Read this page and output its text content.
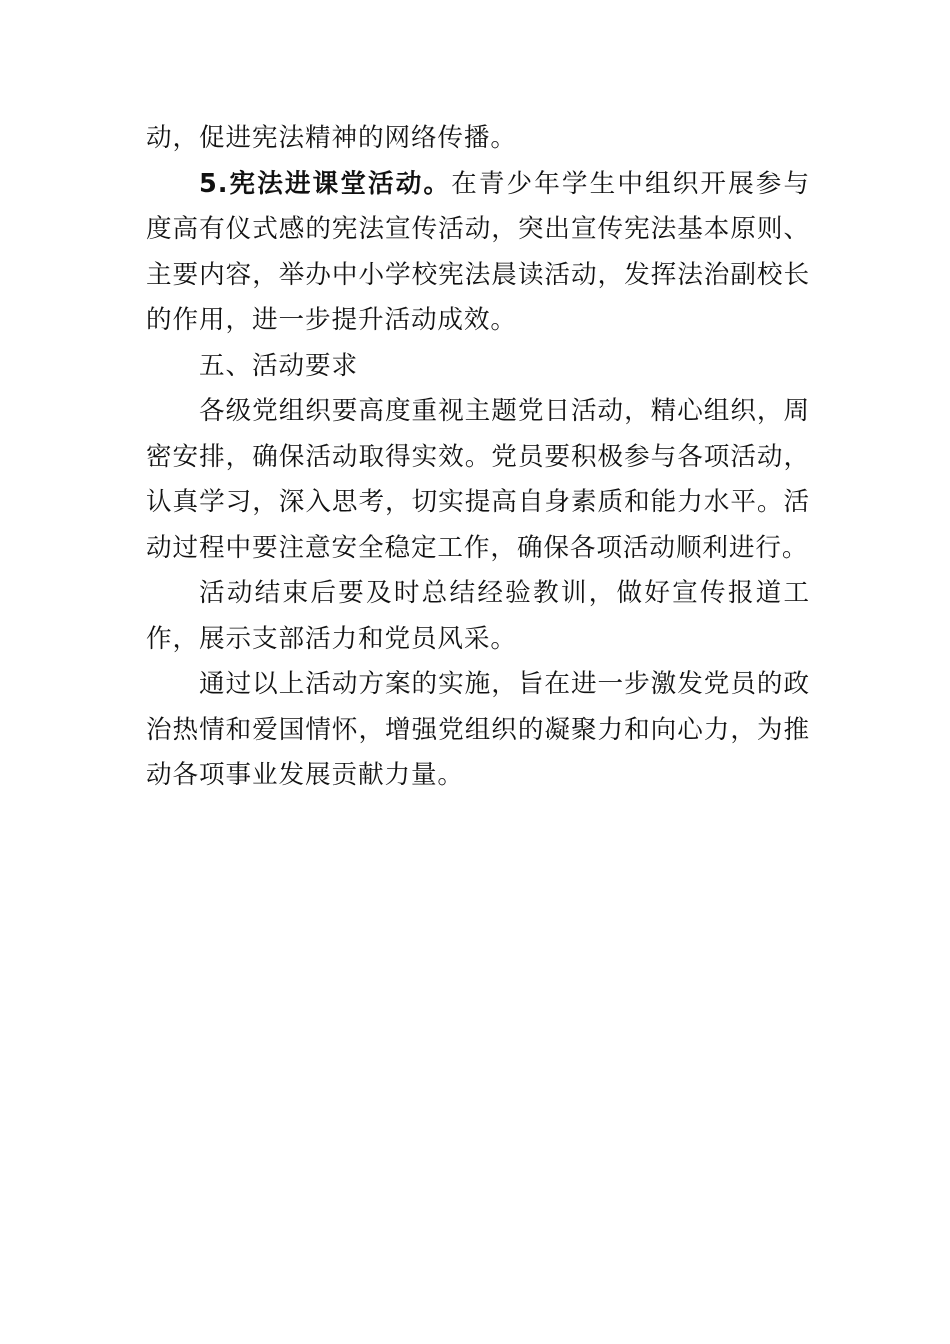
动，促进宪法精神的网络传播。

5.宪法进课堂活动。在青少年学生中组织开展参与度高有仪式感的宪法宣传活动，突出宣传宪法基本原则、主要内容，举办中小学校宪法晨读活动，发挥法治副校长的作用，进一步提升活动成效。

五、活动要求

各级党组织要高度重视主题党日活动，精心组织，周密安排，确保活动取得实效。党员要积极参与各项活动，认真学习，深入思考，切实提高自身素质和能力水平。活动过程中要注意安全稳定工作，确保各项活动顺利进行。

活动结束后要及时总结经验教训，做好宣传报道工作，展示支部活力和党员风采。

通过以上活动方案的实施，旨在进一步激发党员的政治热情和爱国情怀，增强党组织的凝聚力和向心力，为推动各项事业发展贡献力量。
